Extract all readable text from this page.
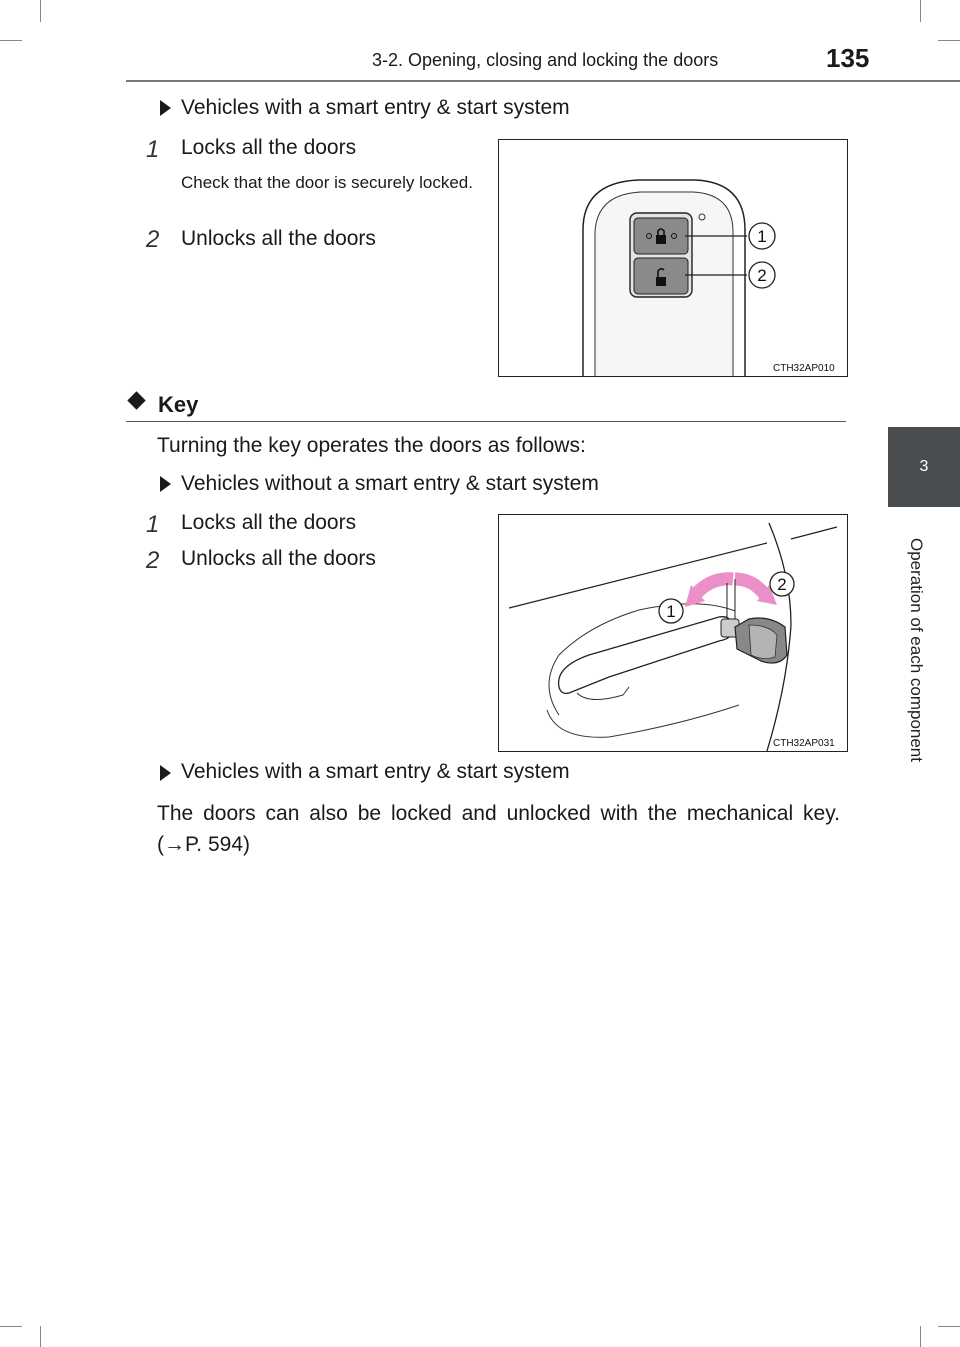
3-2. Opening, closing and locking the doors	135
3
Operation of each component
Vehicles with a smart entry & start system
1 Locks all the doors
Check that the door is securely locked.
2 Unlocks all the doors	1
2
CTH32AP010
Key
Turning the key operates the doors as follows:
Vehicles without a smart entry & start system
1 Locks all the doors
2 Unlocks all the doors
1
2
CTH32AP031
Vehicles with a smart entry & start system
The doors can also be locked and unlocked with the mechanical key. (→P. 594)
